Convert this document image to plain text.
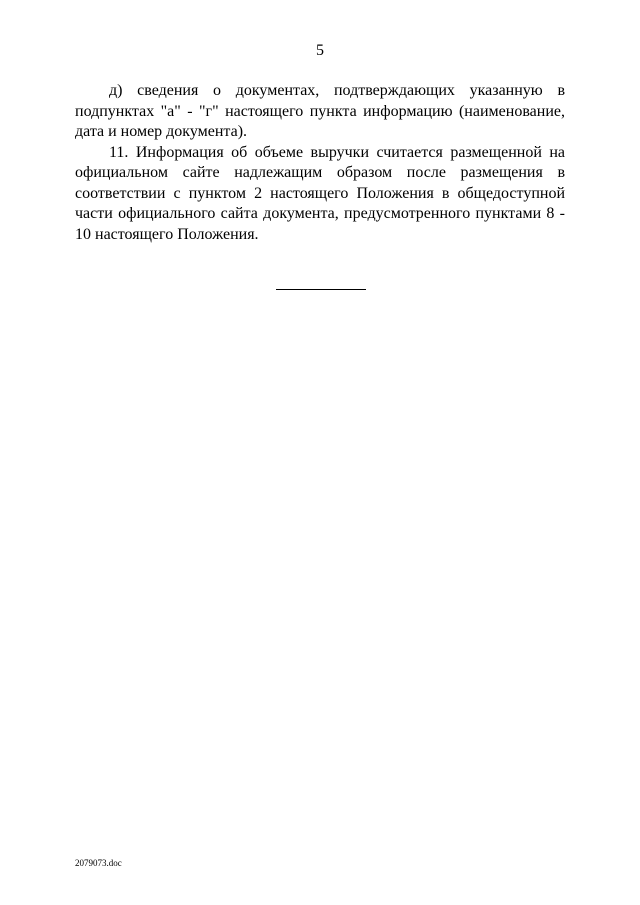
5

д) сведения о документах, подтверждающих указанную в подпунктах "а" - "г" настоящего пункта информацию (наименование, дата и номер документа).

11. Информация об объеме выручки считается размещенной на официальном сайте надлежащим образом после размещения в соответствии с пунктом 2 настоящего Положения в общедоступной части официального сайта документа, предусмотренного пунктами 8 - 10 настоящего Положения.

2079073.doc
